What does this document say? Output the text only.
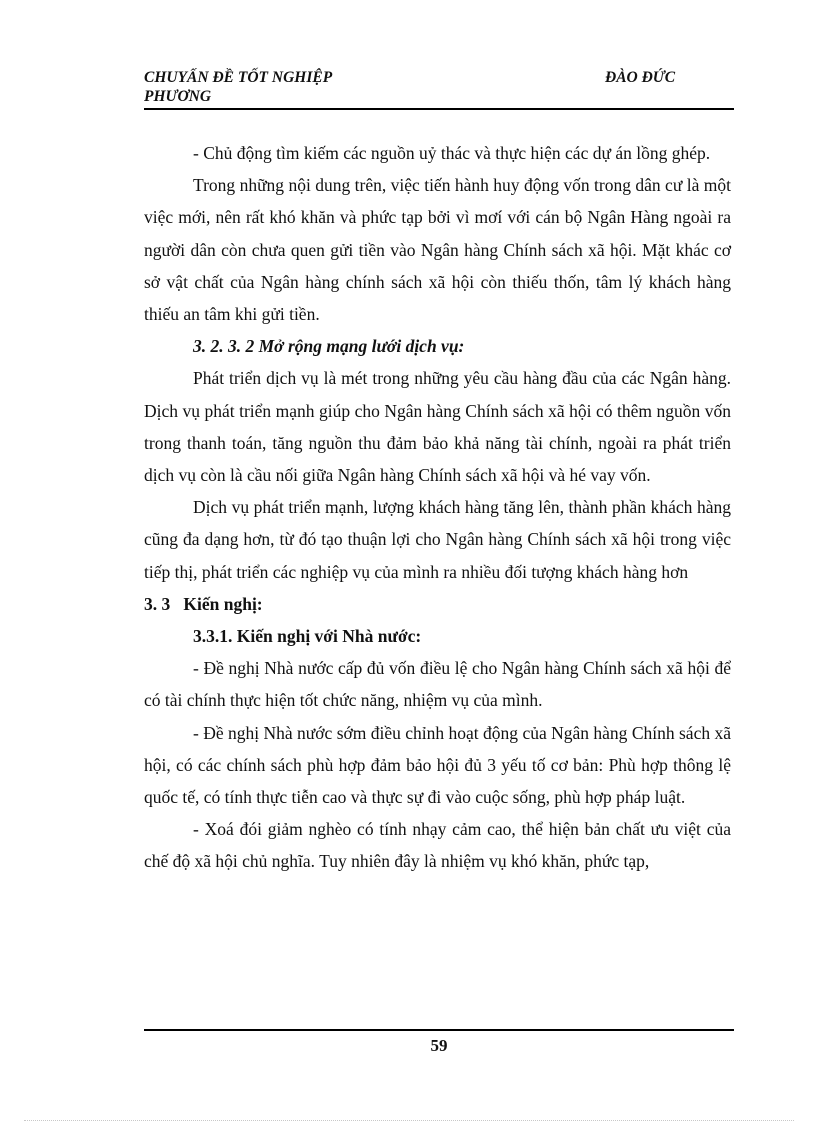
CHUYẤN ĐỀ TỐT NGHIỆP	ĐÀO ĐỨC
PHƯƠNG

- Chủ động tìm kiếm các nguồn uỷ thác và thực hiện các dự án lồng ghép.

Trong những nội dung trên, việc tiến hành huy động vốn trong dân cư là một việc mới, nên rất khó khăn và phức tạp bởi vì mơí với cán bộ Ngân Hàng ngoài ra người dân còn chưa quen gửi tiền vào Ngân hàng Chính sách xã hội. Mặt khác cơ sở vật chất của Ngân hàng chính sách xã hội còn thiếu thốn, tâm lý khách hàng thiếu an tâm khi gửi tiền.

3. 2. 3. 2 Mở rộng mạng lưới dịch vụ:

Phát triển dịch vụ là mét trong những yêu cầu hàng đầu của các Ngân hàng. Dịch vụ phát triển mạnh giúp cho Ngân hàng Chính sách xã hội có thêm nguồn vốn trong thanh toán, tăng nguồn thu đảm bảo khả năng tài chính, ngoài ra phát triển dịch vụ còn là cầu nối giữa Ngân hàng Chính sách xã hội và hé vay vốn.

Dịch vụ phát triển mạnh, lượng khách hàng tăng lên, thành phần khách hàng cũng đa dạng hơn, từ đó tạo thuận lợi cho Ngân hàng Chính sách xã hội trong việc tiếp thị, phát triển các nghiệp vụ của mình ra nhiều đối tượng khách hàng hơn

3. 3   Kiến nghị:

3.3.1. Kiến nghị với Nhà nước:

- Đề nghị Nhà nước cấp đủ vốn điều lệ cho Ngân hàng Chính sách xã hội để có tài chính thực hiện tốt chức năng, nhiệm vụ của mình.

- Đề nghị Nhà nước sớm điều chỉnh hoạt động của Ngân hàng Chính sách xã hội, có các chính sách phù hợp đảm bảo hội đủ 3 yếu tố cơ bản: Phù hợp thông lệ quốc tế, có tính thực tiễn cao và thực sự đi vào cuộc sống, phù hợp pháp luật.

- Xoá đói giảm nghèo có tính nhạy cảm cao, thể hiện bản chất ưu việt của chế độ xã hội chủ nghĩa. Tuy nhiên đây là nhiệm vụ khó khăn, phức tạp,

59
